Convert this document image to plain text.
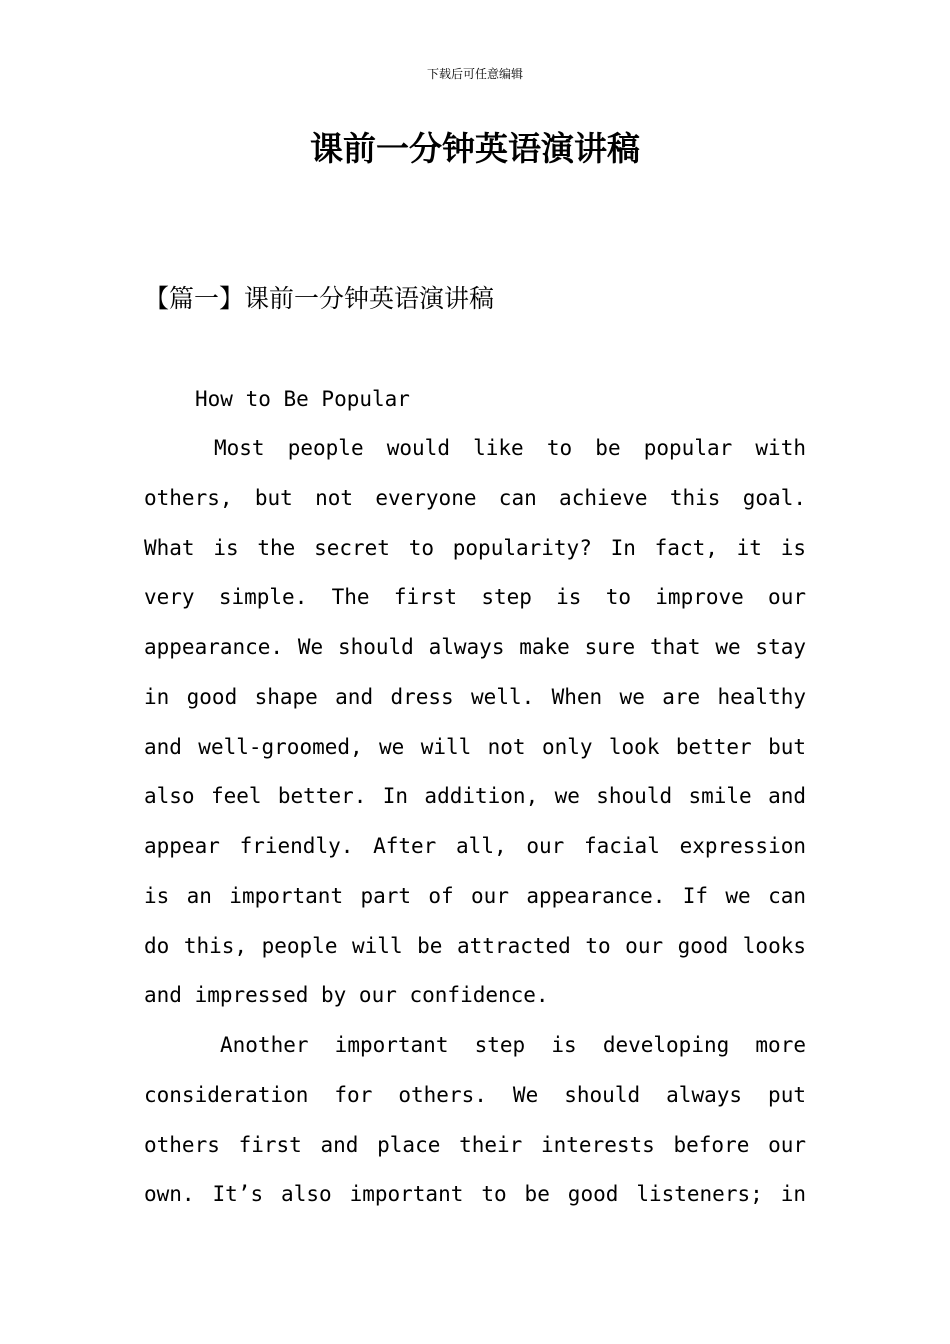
下载后可任意编辑
课前一分钟英语演讲稿
【篇一】课前一分钟英语演讲稿
How to Be Popular
Most people would like to be popular with
others, but not everyone can achieve this goal.
What is the secret to popularity? In fact, it is
very simple. The first step is to improve our
appearance. We should always make sure that we stay
in good shape and dress well. When we are healthy
and well-groomed, we will not only look better but
also feel better. In addition, we should smile and
appear friendly. After all, our facial expression
is an important part of our appearance. If we can
do this, people will be attracted to our good looks
and impressed by our confidence.
Another important step is developing more
consideration for others. We should always put
others first and place their interests before our
own. It’s also important to be good listeners; in
